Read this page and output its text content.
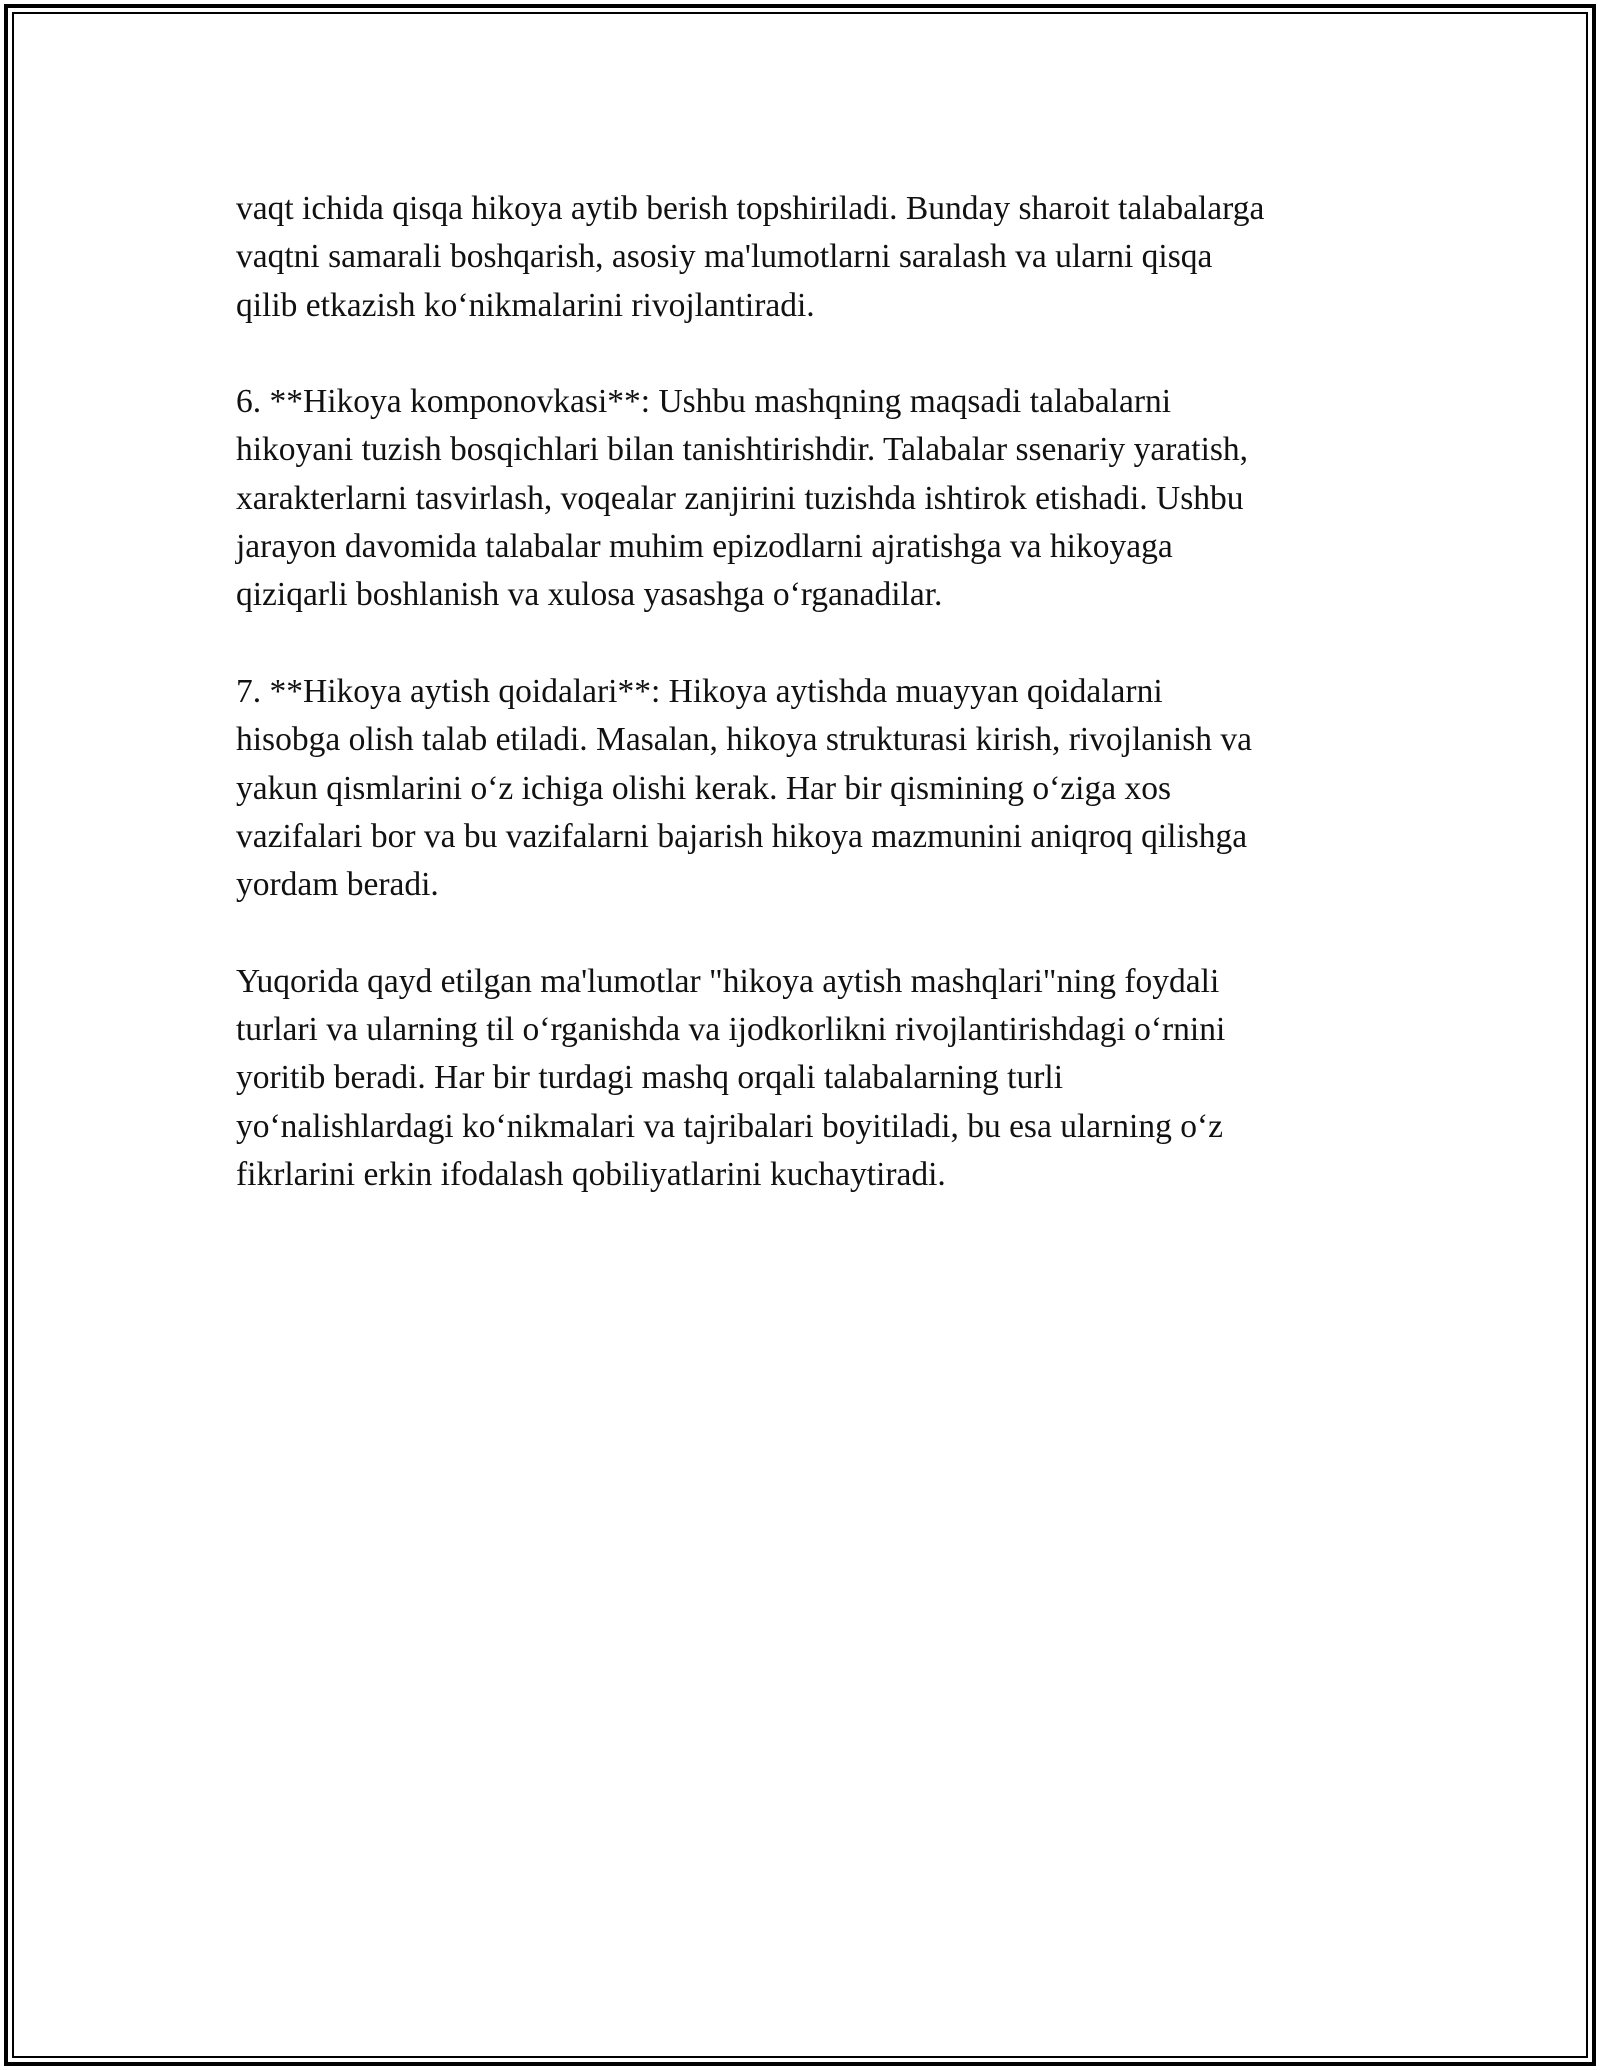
vaqt ichida qisqa hikoya aytib berish topshiriladi. Bunday sharoit talabalarga
vaqtni samarali boshqarish, asosiy ma'lumotlarni saralash va ularni qisqa
qilib etkazish koʻnikmalarini rivojlantiradi.

6. **Hikoya komponovkasi**: Ushbu mashqning maqsadi talabalarni
hikoyani tuzish bosqichlari bilan tanishtirishdir. Talabalar ssenariy yaratish,
xarakterlarni tasvirlash, voqealar zanjirini tuzishda ishtirok etishadi. Ushbu
jarayon davomida talabalar muhim epizodlarni ajratishga va hikoyaga
qiziqarli boshlanish va xulosa yasashga oʻrganadilar.

7. **Hikoya aytish qoidalari**: Hikoya aytishda muayyan qoidalarni
hisobga olish talab etiladi. Masalan, hikoya strukturasi kirish, rivojlanish va
yakun qismlarini oʻz ichiga olishi kerak. Har bir qismining oʻziga xos
vazifalari bor va bu vazifalarni bajarish hikoya mazmunini aniqroq qilishga
yordam beradi.

Yuqorida qayd etilgan ma'lumotlar "hikoya aytish mashqlari"ning foydali
turlari va ularning til oʻrganishda va ijodkorlikni rivojlantirishdagi oʻrnini
yoritib beradi. Har bir turdagi mashq orqali talabalarning turli
yoʻnalishlardagi koʻnikmalari va tajribalari boyitiladi, bu esa ularning oʻz
fikrlarini erkin ifodalash qobiliyatlarini kuchaytiradi.
